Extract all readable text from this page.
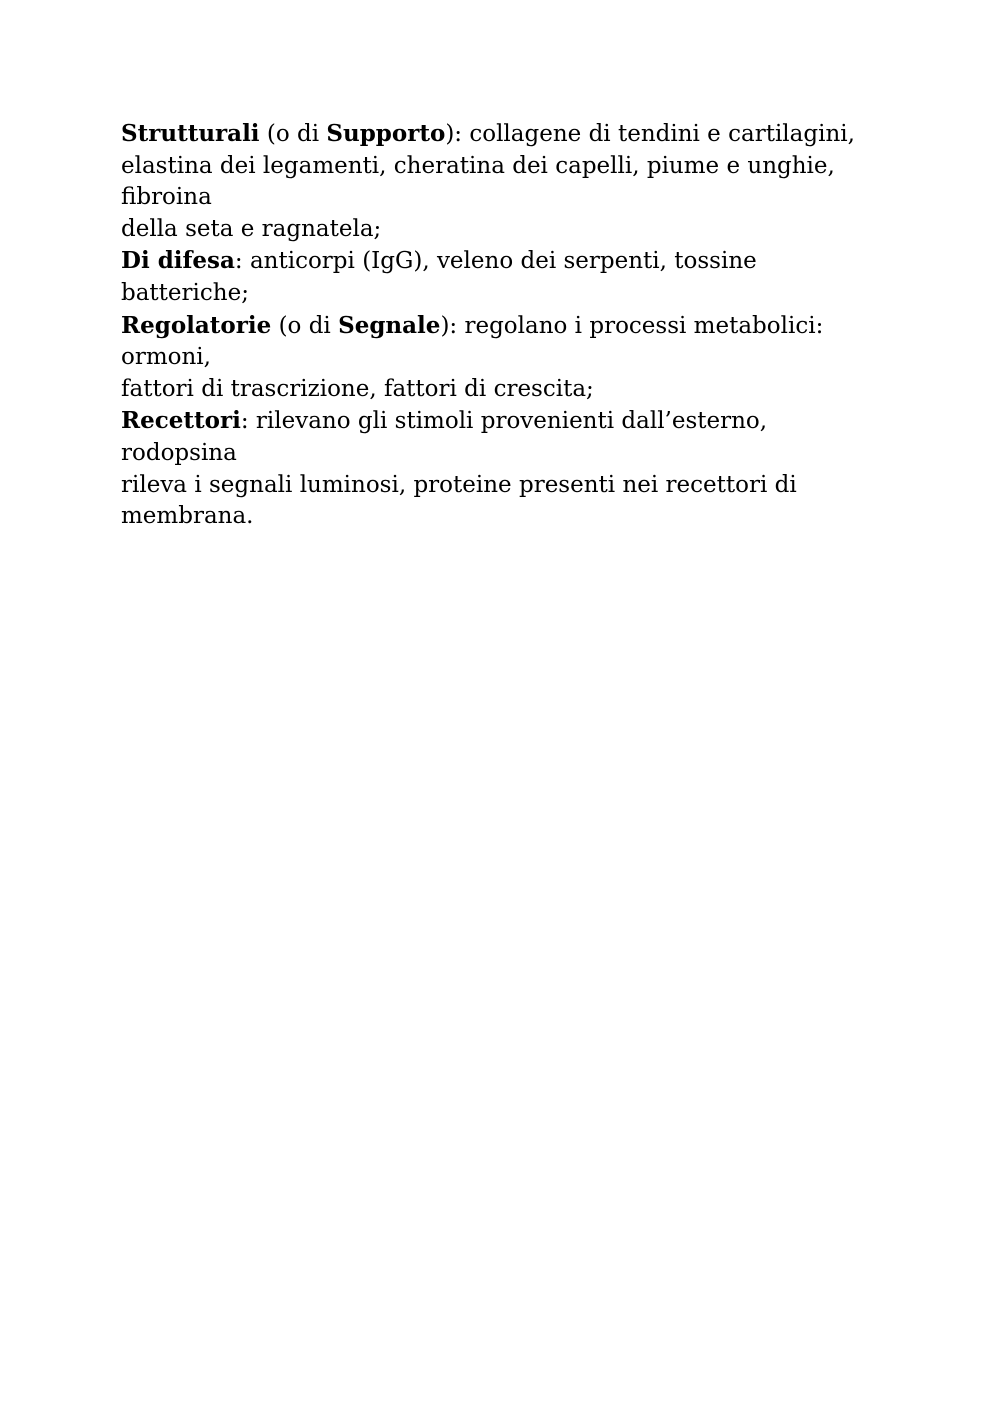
Strutturali (o di Supporto): collagene di tendini e cartilagini,
elastina dei legamenti, cheratina dei capelli, piume e unghie,
fibroina
della seta e ragnatela;
Di difesa: anticorpi (IgG), veleno dei serpenti, tossine
batteriche;
Regolatorie (o di Segnale): regolano i processi metabolici:
ormoni,
fattori di trascrizione, fattori di crescita;
Recettori: rilevano gli stimoli provenienti dall’esterno,
rodopsina
rileva i segnali luminosi, proteine presenti nei recettori di
membrana.
